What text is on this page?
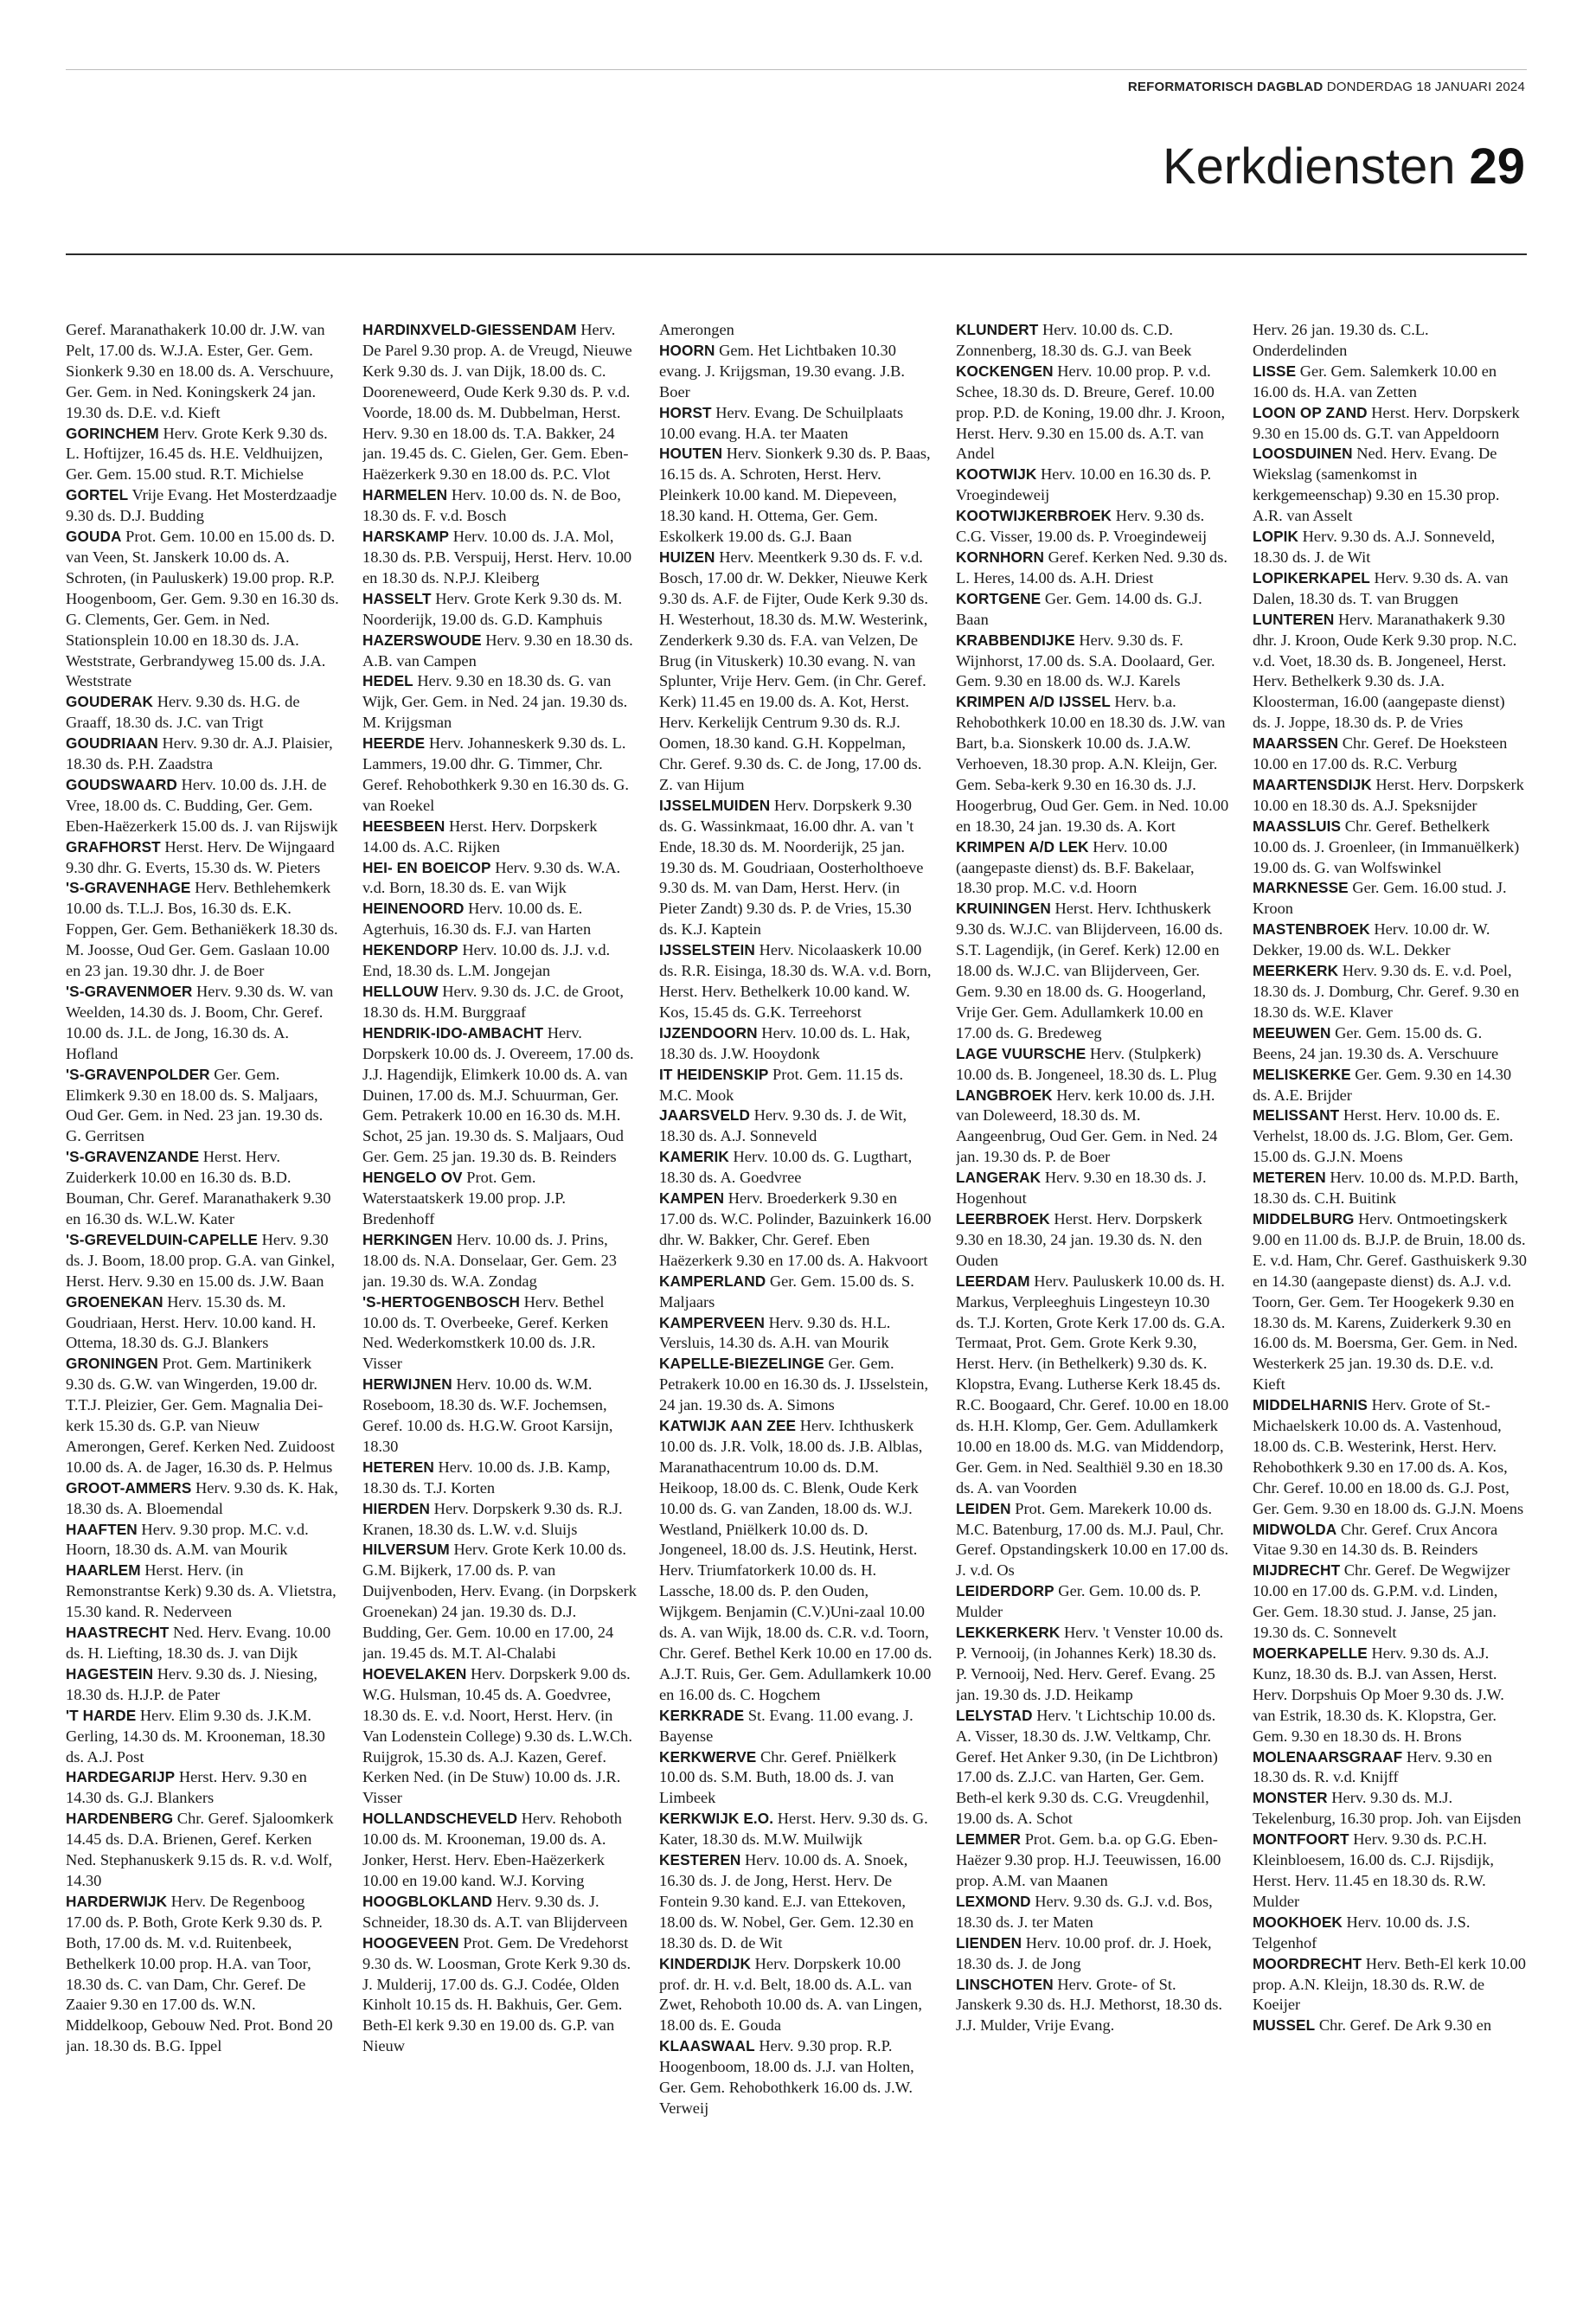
REFORMATORISCH DAGBLAD DONDERDAG 18 JANUARI 2024
Kerkdiensten 29

Geref. Maranathakerk 10.00 dr. J.W. van Pelt, 17.00 ds. W.J.A. Ester, Ger. Gem. Sionkerk 9.30 en 18.00 ds. A. Verschuure, Ger. Gem. in Ned. Koningskerk 24 jan. 19.30 ds. D.E. v.d. Kieft

GORINCHEM Herv. Grote Kerk 9.30 ds. L. Hoftijzer, 16.45 ds. H.E. Veldhuijzen, Ger. Gem. 15.00 stud. R.T. Michielse

GORTEL Vrije Evang. Het Mosterdzaadje 9.30 ds. D.J. Budding

GOUDA Prot. Gem. 10.00 en 15.00 ds. D. van Veen, St. Janskerk 10.00 ds. A. Schroten, (in Pauluskerk) 19.00 prop. R.P. Hoogenboom, Ger. Gem. 9.30 en 16.30 ds. G. Clements, Ger. Gem. in Ned. Stationsplein 10.00 en 18.30 ds. J.A. Weststrate, Gerbrandyweg 15.00 ds. J.A. Weststrate

GOUDERAK Herv. 9.30 ds. H.G. de Graaff, 18.30 ds. J.C. van Trigt

GOUDRIAAN Herv. 9.30 dr. A.J. Plaisier, 18.30 ds. P.H. Zaadstra

GOUDSWAARD Herv. 10.00 ds. J.H. de Vree, 18.00 ds. C. Budding, Ger. Gem. Eben-Haëzerkerk 15.00 ds. J. van Rijswijk

GRAFHORST Herst. Herv. De Wijngaard 9.30 dhr. G. Everts, 15.30 ds. W. Pieters

'S-GRAVENHAGE Herv. Bethlehemkerk 10.00 ds. T.L.J. Bos, 16.30 ds. E.K. Foppen, Ger. Gem. Bethaniëkerk 18.30 ds. M. Joosse, Oud Ger. Gem. Gaslaan 10.00 en 23 jan. 19.30 dhr. J. de Boer

'S-GRAVENMOER Herv. 9.30 ds. W. van Weelden, 14.30 ds. J. Boom, Chr. Geref. 10.00 ds. J.L. de Jong, 16.30 ds. A. Hofland

'S-GRAVENPOLDER Ger. Gem. Elimkerk 9.30 en 18.00 ds. S. Maljaars, Oud Ger. Gem. in Ned. 23 jan. 19.30 ds. G. Gerritsen

'S-GRAVENZANDE Herst. Herv. Zuiderkerk 10.00 en 16.30 ds. B.D. Bouman, Chr. Geref. Maranathakerk 9.30 en 16.30 ds. W.L.W. Kater

'S-GREVELDUIN-CAPELLE Herv. 9.30 ds. J. Boom, 18.00 prop. G.A. van Ginkel, Herst. Herv. 9.30 en 15.00 ds. J.W. Baan

GROENEKAN Herv. 15.30 ds. M. Goudriaan, Herst. Herv. 10.00 kand. H. Ottema, 18.30 ds. G.J. Blankers

GRONINGEN Prot. Gem. Martinikerk 9.30 ds. G.W. van Wingerden, 19.00 dr. T.T.J. Pleizier, Ger. Gem. Magnalia Dei-kerk 15.30 ds. G.P. van Nieuw Amerongen, Geref. Kerken Ned. Zuidoost 10.00 ds. A. de Jager, 16.30 ds. P. Helmus

GROOT-AMMERS Herv. 9.30 ds. K. Hak, 18.30 ds. A. Bloemendal

HAAFTEN Herv. 9.30 prop. M.C. v.d. Hoorn, 18.30 ds. A.M. van Mourik

HAARLEM Herst. Herv. (in Remonstrantse Kerk) 9.30 ds. A. Vlietstra, 15.30 kand. R. Nederveen

HAASTRECHT Ned. Herv. Evang. 10.00 ds. H. Liefting, 18.30 ds. J. van Dijk

HAGESTEIN Herv. 9.30 ds. J. Niesing, 18.30 ds. H.J.P. de Pater

'T HARDE Herv. Elim 9.30 ds. J.K.M. Gerling, 14.30 ds. M. Krooneman, 18.30 ds. A.J. Post

HARDEGARIJP Herst. Herv. 9.30 en 14.30 ds. G.J. Blankers

HARDENBERG Chr. Geref. Sjaloomkerk 14.45 ds. D.A. Brienen, Geref. Kerken Ned. Stephanuskerk 9.15 ds. R. v.d. Wolf, 14.30

HARDERWIJK Herv. De Regenboog 17.00 ds. P. Both, Grote Kerk 9.30 ds. P. Both, 17.00 ds. M. v.d. Ruitenbeek, Bethelkerk 10.00 prop. H.A. van Toor, 18.30 ds. C. van Dam, Chr. Geref. De Zaaier 9.30 en 17.00 ds. W.N. Middelkoop, Gebouw Ned. Prot. Bond 20 jan. 18.30 ds. B.G. Ippel

HARDINXVELD-GIESSENDAM Herv. De Parel 9.30 prop. A. de Vreugd, Nieuwe Kerk 9.30 ds. J. van Dijk, 18.00 ds. C. Dooreneweerd, Oude Kerk 9.30 ds. P. v.d. Voorde, 18.00 ds. M. Dubbelman, Herst. Herv. 9.30 en 18.00 ds. T.A. Bakker, 24 jan. 19.45 ds. C. Gielen, Ger. Gem. Eben-Haëzerkerk 9.30 en 18.00 ds. P.C. Vlot

HARMELEN Herv. 10.00 ds. N. de Boo, 18.30 ds. F. v.d. Bosch

HARSKAMP Herv. 10.00 ds. J.A. Mol, 18.30 ds. P.B. Verspuij, Herst. Herv. 10.00 en 18.30 ds. N.P.J. Kleiberg

HASSELT Herv. Grote Kerk 9.30 ds. M. Noorderijk, 19.00 ds. G.D. Kamphuis

HAZERSWOUDE Herv. 9.30 en 18.30 ds. A.B. van Campen

HEDEL Herv. 9.30 en 18.30 ds. G. van Wijk, Ger. Gem. in Ned. 24 jan. 19.30 ds. M. Krijgsman

HEERDE Herv. Johanneskerk 9.30 ds. L. Lammers, 19.00 dhr. G. Timmer, Chr. Geref. Rehobothkerk 9.30 en 16.30 ds. G. van Roekel

HEESBEEN Herst. Herv. Dorpskerk 14.00 ds. A.C. Rijken

HEI- EN BOEICOP Herv. 9.30 ds. W.A. v.d. Born, 18.30 ds. E. van Wijk

HEINENOORD Herv. 10.00 ds. E. Agterhuis, 16.30 ds. F.J. van Harten

HEKENDORP Herv. 10.00 ds. J.J. v.d. End, 18.30 ds. L.M. Jongejan

HELLOUW Herv. 9.30 ds. J.C. de Groot, 18.30 ds. H.M. Burggraaf

HENDRIK-IDO-AMBACHT Herv. Dorpskerk 10.00 ds. J. Overeem, 17.00 ds. J.J. Hagendijk, Elimkerk 10.00 ds. A. van Duinen, 17.00 ds. M.J. Schuurman, Ger. Gem. Petrakerk 10.00 en 16.30 ds. M.H. Schot, 25 jan. 19.30 ds. S. Maljaars, Oud Ger. Gem. 25 jan. 19.30 ds. B. Reinders

HENGELO OV Prot. Gem. Waterstaatskerk 19.00 prop. J.P. Bredenhoff

HERKINGEN Herv. 10.00 ds. J. Prins, 18.00 ds. N.A. Donselaar, Ger. Gem. 23 jan. 19.30 ds. W.A. Zondag

'S-HERTOGENBOSCH Herv. Bethel 10.00 ds. T. Overbeeke, Geref. Kerken Ned. Wederkomstkerk 10.00 ds. J.R. Visser

HERWIJNEN Herv. 10.00 ds. W.M. Roseboom, 18.30 ds. W.F. Jochemsen, Geref. 10.00 ds. H.G.W. Groot Karsijn, 18.30

HETEREN Herv. 10.00 ds. J.B. Kamp, 18.30 ds. T.J. Korten

HIERDEN Herv. Dorpskerk 9.30 ds. R.J. Kranen, 18.30 ds. L.W. v.d. Sluijs

HILVERSUM Herv. Grote Kerk 10.00 ds. G.M. Bijkerk, 17.00 ds. P. van Duijvenboden, Herv. Evang. (in Dorpskerk Groenekan) 24 jan. 19.30 ds. D.J. Budding, Ger. Gem. 10.00 en 17.00, 24 jan. 19.45 ds. M.T. Al-Chalabi

HOEVELAKEN Herv. Dorpskerk 9.00 ds. W.G. Hulsman, 10.45 ds. A. Goedvree, 18.30 ds. E. v.d. Noort, Herst. Herv. (in Van Lodenstein College) 9.30 ds. L.W.Ch. Ruijgrok, 15.30 ds. A.J. Kazen, Geref. Kerken Ned. (in De Stuw) 10.00 ds. J.R. Visser

HOLLANDSCHEVELD Herv. Rehoboth 10.00 ds. M. Krooneman, 19.00 ds. A. Jonker, Herst. Herv. Eben-Haëzerkerk 10.00 en 19.00 kand. W.J. Korving

HOOGBLOKLAND Herv. 9.30 ds. J. Schneider, 18.30 ds. A.T. van Blijderveen

HOOGEVEEN Prot. Gem. De Vredehorst 9.30 ds. W. Loosman, Grote Kerk 9.30 ds. J. Mulderij, 17.00 ds. G.J. Codée, Olden Kinholt 10.15 ds. H. Bakhuis, Ger. Gem. Beth-El kerk 9.30 en 19.00 ds. G.P. van Nieuw

Amerongen

HOORN Gem. Het Lichtbaken 10.30 evang. J. Krijgsman, 19.30 evang. J.B. Boer

HORST Herv. Evang. De Schuilplaats 10.00 evang. H.A. ter Maaten

HOUTEN Herv. Sionkerk 9.30 ds. P. Baas, 16.15 ds. A. Schroten, Herst. Herv. Pleinkerk 10.00 kand. M. Diepeveen, 18.30 kand. H. Ottema, Ger. Gem. Eskolkerk 19.00 ds. G.J. Baan

HUIZEN Herv. Meentkerk 9.30 ds. F. v.d. Bosch, 17.00 dr. W. Dekker, Nieuwe Kerk 9.30 ds. A.F. de Fijter, Oude Kerk 9.30 ds. H. Westerhout, 18.30 ds. M.W. Westerink, Zenderkerk 9.30 ds. F.A. van Velzen, De Brug (in Vituskerk) 10.30 evang. N. van Splunter, Vrije Herv. Gem. (in Chr. Geref. Kerk) 11.45 en 19.00 ds. A. Kot, Herst. Herv. Kerkelijk Centrum 9.30 ds. R.J. Oomen, 18.30 kand. G.H. Koppelman, Chr. Geref. 9.30 ds. C. de Jong, 17.00 ds. Z. van Hijum

IJSSELMUIDEN Herv. Dorpskerk 9.30 ds. G. Wassinkmaat, 16.00 dhr. A. van 't Ende, 18.30 ds. M. Noorderijk, 25 jan. 19.30 ds. M. Goudriaan, Oosterholthoeve 9.30 ds. M. van Dam, Herst. Herv. (in Pieter Zandt) 9.30 ds. P. de Vries, 15.30 ds. K.J. Kaptein

IJSSELSTEIN Herv. Nicolaaskerk 10.00 ds. R.R. Eisinga, 18.30 ds. W.A. v.d. Born, Herst. Herv. Bethelkerk 10.00 kand. W. Kos, 15.45 ds. G.K. Terreehorst

IJZENDOORN Herv. 10.00 ds. L. Hak, 18.30 ds. J.W. Hooydonk

IT HEIDENSKIP Prot. Gem. 11.15 ds. M.C. Mook

JAARSVELD Herv. 9.30 ds. J. de Wit, 18.30 ds. A.J. Sonneveld

KAMERIK Herv. 10.00 ds. G. Lugthart, 18.30 ds. A. Goedvree

KAMPEN Herv. Broederkerk 9.30 en 17.00 ds. W.C. Polinder, Bazuinkerk 16.00 dhr. W. Bakker, Chr. Geref. Eben Haëzerkerk 9.30 en 17.00 ds. A. Hakvoort

KAMPERLAND Ger. Gem. 15.00 ds. S. Maljaars

KAMPERVEEN Herv. 9.30 ds. H.L. Versluis, 14.30 ds. A.H. van Mourik

KAPELLE-BIEZELINGE Ger. Gem. Petrakerk 10.00 en 16.30 ds. J. IJsselstein, 24 jan. 19.30 ds. A. Simons

KATWIJK AAN ZEE Herv. Ichthuskerk 10.00 ds. J.R. Volk, 18.00 ds. J.B. Alblas, Maranathacentrum 10.00 ds. D.M. Heikoop, 18.00 ds. C. Blenk, Oude Kerk 10.00 ds. G. van Zanden, 18.00 ds. W.J. Westland, Pniëlkerk 10.00 ds. D. Jongeneel, 18.00 ds. J.S. Heutink, Herst. Herv. Triumfatorkerk 10.00 ds. H. Lassche, 18.00 ds. P. den Ouden, Wijkgem. Benjamin (C.V.)Uni-zaal 10.00 ds. A. van Wijk, 18.00 ds. C.R. v.d. Toorn, Chr. Geref. Bethel Kerk 10.00 en 17.00 ds. A.J.T. Ruis, Ger. Gem. Adullamkerk 10.00 en 16.00 ds. C. Hogchem

KERKRADE St. Evang. 11.00 evang. J. Bayense

KERKWERVE Chr. Geref. Pniëlkerk 10.00 ds. S.M. Buth, 18.00 ds. J. van Limbeek

KERKWIJK E.O. Herst. Herv. 9.30 ds. G. Kater, 18.30 ds. M.W. Muilwijk

KESTEREN Herv. 10.00 ds. A. Snoek, 16.30 ds. J. de Jong, Herst. Herv. De Fontein 9.30 kand. E.J. van Ettekoven, 18.00 ds. W. Nobel, Ger. Gem. 12.30 en 18.30 ds. D. de Wit

KINDERDIJK Herv. Dorpskerk 10.00 prof. dr. H. v.d. Belt, 18.00 ds. A.L. van Zwet, Rehoboth 10.00 ds. A. van Lingen, 18.00 ds. E. Gouda

KLAASWAAL Herv. 9.30 prop. R.P. Hoogenboom, 18.00 ds. J.J. van Holten, Ger. Gem. Rehobothkerk 16.00 ds. J.W. Verweij

KLUNDERT Herv. 10.00 ds. C.D. Zonnenberg, 18.30 ds. G.J. van Beek

KOCKENGEN Herv. 10.00 prop. P. v.d. Schee, 18.30 ds. D. Breure, Geref. 10.00 prop. P.D. de Koning, 19.00 dhr. J. Kroon, Herst. Herv. 9.30 en 15.00 ds. A.T. van Andel

KOOTWIJK Herv. 10.00 en 16.30 ds. P. Vroegindeweij

KOOTWIJKERBROEK Herv. 9.30 ds. C.G. Visser, 19.00 ds. P. Vroegindeweij

KORNHORN Geref. Kerken Ned. 9.30 ds. L. Heres, 14.00 ds. A.H. Driest

KORTGENE Ger. Gem. 14.00 ds. G.J. Baan

KRABBENDIJKE Herv. 9.30 ds. F. Wijnhorst, 17.00 ds. S.A. Doolaard, Ger. Gem. 9.30 en 18.00 ds. W.J. Karels

KRIMPEN A/D IJSSEL Herv. b.a. Rehobothkerk 10.00 en 18.30 ds. J.W. van Bart, b.a. Sionskerk 10.00 ds. J.A.W. Verhoeven, 18.30 prop. A.N. Kleijn, Ger. Gem. Seba-kerk 9.30 en 16.30 ds. J.J. Hoogerbrug, Oud Ger. Gem. in Ned. 10.00 en 18.30, 24 jan. 19.30 ds. A. Kort

KRIMPEN A/D LEK Herv. 10.00 (aangepaste dienst) ds. B.F. Bakelaar, 18.30 prop. M.C. v.d. Hoorn

KRUININGEN Herst. Herv. Ichthuskerk 9.30 ds. W.J.C. van Blijderveen, 16.00 ds. S.T. Lagendijk, (in Geref. Kerk) 12.00 en 18.00 ds. W.J.C. van Blijderveen, Ger. Gem. 9.30 en 18.00 ds. G. Hoogerland, Vrije Ger. Gem. Adullamkerk 10.00 en 17.00 ds. G. Bredeweg

LAGE VUURSCHE Herv. (Stulpkerk) 10.00 ds. B. Jongeneel, 18.30 ds. L. Plug

LANGBROEK Herv. kerk 10.00 ds. J.H. van Doleweerd, 18.30 ds. M. Aangeenbrug, Oud Ger. Gem. in Ned. 24 jan. 19.30 ds. P. de Boer

LANGERAK Herv. 9.30 en 18.30 ds. J. Hogenhout

LEERBROEK Herst. Herv. Dorpskerk 9.30 en 18.30, 24 jan. 19.30 ds. N. den Ouden

LEERDAM Herv. Pauluskerk 10.00 ds. H. Markus, Verpleeghuis Lingesteyn 10.30 ds. T.J. Korten, Grote Kerk 17.00 ds. G.A. Termaat, Prot. Gem. Grote Kerk 9.30, Herst. Herv. (in Bethelkerk) 9.30 ds. K. Klopstra, Evang. Lutherse Kerk 18.45 ds. R.C. Boogaard, Chr. Geref. 10.00 en 18.00 ds. H.H. Klomp, Ger. Gem. Adullamkerk 10.00 en 18.00 ds. M.G. van Middendorp, Ger. Gem. in Ned. Sealthiël 9.30 en 18.30 ds. A. van Voorden

LEIDEN Prot. Gem. Marekerk 10.00 ds. M.C. Batenburg, 17.00 ds. M.J. Paul, Chr. Geref. Opstandingskerk 10.00 en 17.00 ds. J. v.d. Os

LEIDERDORP Ger. Gem. 10.00 ds. P. Mulder

LEKKERKERK Herv. 't Venster 10.00 ds. P. Vernooij, (in Johannes Kerk) 18.30 ds. P. Vernooij, Ned. Herv. Geref. Evang. 25 jan. 19.30 ds. J.D. Heikamp

LELYSTAD Herv. 't Lichtschip 10.00 ds. A. Visser, 18.30 ds. J.W. Veltkamp, Chr. Geref. Het Anker 9.30, (in De Lichtbron) 17.00 ds. Z.J.C. van Harten, Ger. Gem. Beth-el kerk 9.30 ds. C.G. Vreugdenhil, 19.00 ds. A. Schot

LEMMER Prot. Gem. b.a. op G.G. Eben-Haëzer 9.30 prop. H.J. Teeuwissen, 16.00 prop. A.M. van Maanen

LEXMOND Herv. 9.30 ds. G.J. v.d. Bos, 18.30 ds. J. ter Maten

LIENDEN Herv. 10.00 prof. dr. J. Hoek, 18.30 ds. J. de Jong

LINSCHOTEN Herv. Grote- of St. Janskerk 9.30 ds. H.J. Methorst, 18.30 ds. J.J. Mulder, Vrije Evang.

Herv. 26 jan. 19.30 ds. C.L. Onderdelinden

LISSE Ger. Gem. Salemkerk 10.00 en 16.00 ds. H.A. van Zetten

LOON OP ZAND Herst. Herv. Dorpskerk 9.30 en 15.00 ds. G.T. van Appeldoorn

LOOSDUINEN Ned. Herv. Evang. De Wiekslag (samenkomst in kerkgemeenschap) 9.30 en 15.30 prop. A.R. van Asselt

LOPIK Herv. 9.30 ds. A.J. Sonneveld, 18.30 ds. J. de Wit

LOPIKERKAPEL Herv. 9.30 ds. A. van Dalen, 18.30 ds. T. van Bruggen

LUNTEREN Herv. Maranathakerk 9.30 dhr. J. Kroon, Oude Kerk 9.30 prop. N.C. v.d. Voet, 18.30 ds. B. Jongeneel, Herst. Herv. Bethelkerk 9.30 ds. J.A. Kloosterman, 16.00 (aangepaste dienst) ds. J. Joppe, 18.30 ds. P. de Vries

MAARSSEN Chr. Geref. De Hoeksteen 10.00 en 17.00 ds. R.C. Verburg

MAARTENSDIJK Herst. Herv. Dorpskerk 10.00 en 18.30 ds. A.J. Speksnijder

MAASSLUIS Chr. Geref. Bethelkerk 10.00 ds. J. Groenleer, (in Immanuëlkerk) 19.00 ds. G. van Wolfswinkel

MARKNESSE Ger. Gem. 16.00 stud. J. Kroon

MASTENBROEK Herv. 10.00 dr. W. Dekker, 19.00 ds. W.L. Dekker

MEERKERK Herv. 9.30 ds. E. v.d. Poel, 18.30 ds. J. Domburg, Chr. Geref. 9.30 en 18.30 ds. W.E. Klaver

MEEUWEN Ger. Gem. 15.00 ds. G. Beens, 24 jan. 19.30 ds. A. Verschuure

MELISKERKE Ger. Gem. 9.30 en 14.30 ds. A.E. Brijder

MELISSANT Herst. Herv. 10.00 ds. E. Verhelst, 18.00 ds. J.G. Blom, Ger. Gem. 15.00 ds. G.J.N. Moens

METEREN Herv. 10.00 ds. M.P.D. Barth, 18.30 ds. C.H. Buitink

MIDDELBURG Herv. Ontmoetingskerk 9.00 en 11.00 ds. B.J.P. de Bruin, 18.00 ds. E. v.d. Ham, Chr. Geref. Gasthuiskerk 9.30 en 14.30 (aangepaste dienst) ds. A.J. v.d. Toorn, Ger. Gem. Ter Hoogekerk 9.30 en 18.30 ds. M. Karens, Zuiderkerk 9.30 en 16.00 ds. M. Boersma, Ger. Gem. in Ned. Westerkerk 25 jan. 19.30 ds. D.E. v.d. Kieft

MIDDELHARNIS Herv. Grote of St.-Michaelskerk 10.00 ds. A. Vastenhoud, 18.00 ds. C.B. Westerink, Herst. Herv. Rehobothkerk 9.30 en 17.00 ds. A. Kos, Chr. Geref. 10.00 en 18.00 ds. G.J. Post, Ger. Gem. 9.30 en 18.00 ds. G.J.N. Moens

MIDWOLDA Chr. Geref. Crux Ancora Vitae 9.30 en 14.30 ds. B. Reinders

MIJDRECHT Chr. Geref. De Wegwijzer 10.00 en 17.00 ds. G.P.M. v.d. Linden, Ger. Gem. 18.30 stud. J. Janse, 25 jan. 19.30 ds. C. Sonnevelt

MOERKAPELLE Herv. 9.30 ds. A.J. Kunz, 18.30 ds. B.J. van Assen, Herst. Herv. Dorpshuis Op Moer 9.30 ds. J.W. van Estrik, 18.30 ds. K. Klopstra, Ger. Gem. 9.30 en 18.30 ds. H. Brons

MOLENAARSGRAAF Herv. 9.30 en 18.30 ds. R. v.d. Knijff

MONSTER Herv. 9.30 ds. M.J. Tekelenburg, 16.30 prop. Joh. van Eijsden

MONTFOORT Herv. 9.30 ds. P.C.H. Kleinbloesem, 16.00 ds. C.J. Rijsdijk, Herst. Herv. 11.45 en 18.30 ds. R.W. Mulder

MOOKHOEK Herv. 10.00 ds. J.S. Telgenhof

MOORDRECHT Herv. Beth-El kerk 10.00 prop. A.N. Kleijn, 18.30 ds. R.W. de Koeijer

MUSSEL Chr. Geref. De Ark 9.30 en
